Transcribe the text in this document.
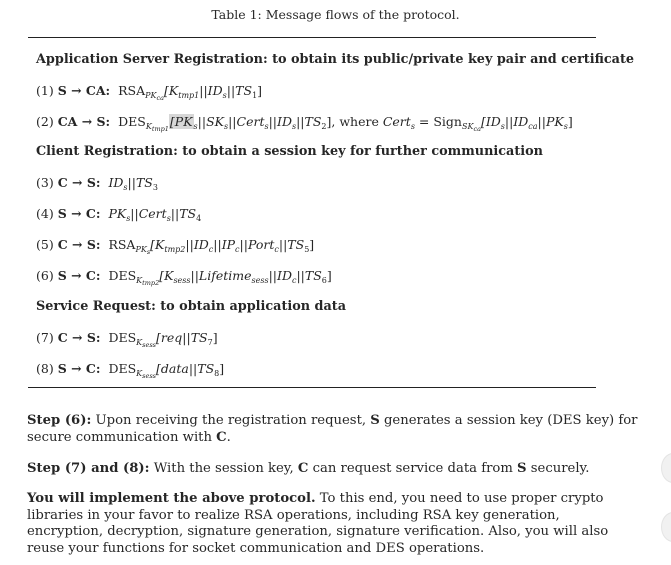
Table 1: Message flows of the protocol.
Application Server Registration: to obtain its public/private key pair and certificate
(1) S → CA: $RSA_{PK_{ca}}[K_{tmp1}||ID_s||TS_1]$
(2) CA → S: $DES_{K_{tmp1}}[PK_s||SK_s||Cert_s||ID_s||TS_2]$, where Cert$_s$ = $Sign_{SK_{ca}}[ID_s||ID_{ca}||PK_s]$
Client Registration: to obtain a session key for further communication
(3) C → S: $ID_s||TS_3$
(4) S → C: $PK_s||Cert_s||TS_4$
(5) C → S: $RSA_{PK_s}[K_{tmp2}||ID_c||IP_c||Port_c||TS_5]$
(6) S → C: $DES_{K_{tmp2}}[K_{sess}||Lifetime_{sess}||ID_c||TS_6]$
Service Request: to obtain application data
(7) C → S: $DES_{K_{sess}}[req||TS_7]$
(8) S → C: $DES_{K_{sess}}[data||TS_8]$
Step (6): Upon receiving the registration request, S generates a session key (DES key) for secure communication with C.
Step (7) and (8): With the session key, C can request service data from S securely.
You will implement the above protocol. To this end, you need to use proper crypto libraries in your favor to realize RSA operations, including RSA key generation, encryption, decryption, signature generation, signature verification. Also, you will also reuse your functions for socket communication and DES operations.
